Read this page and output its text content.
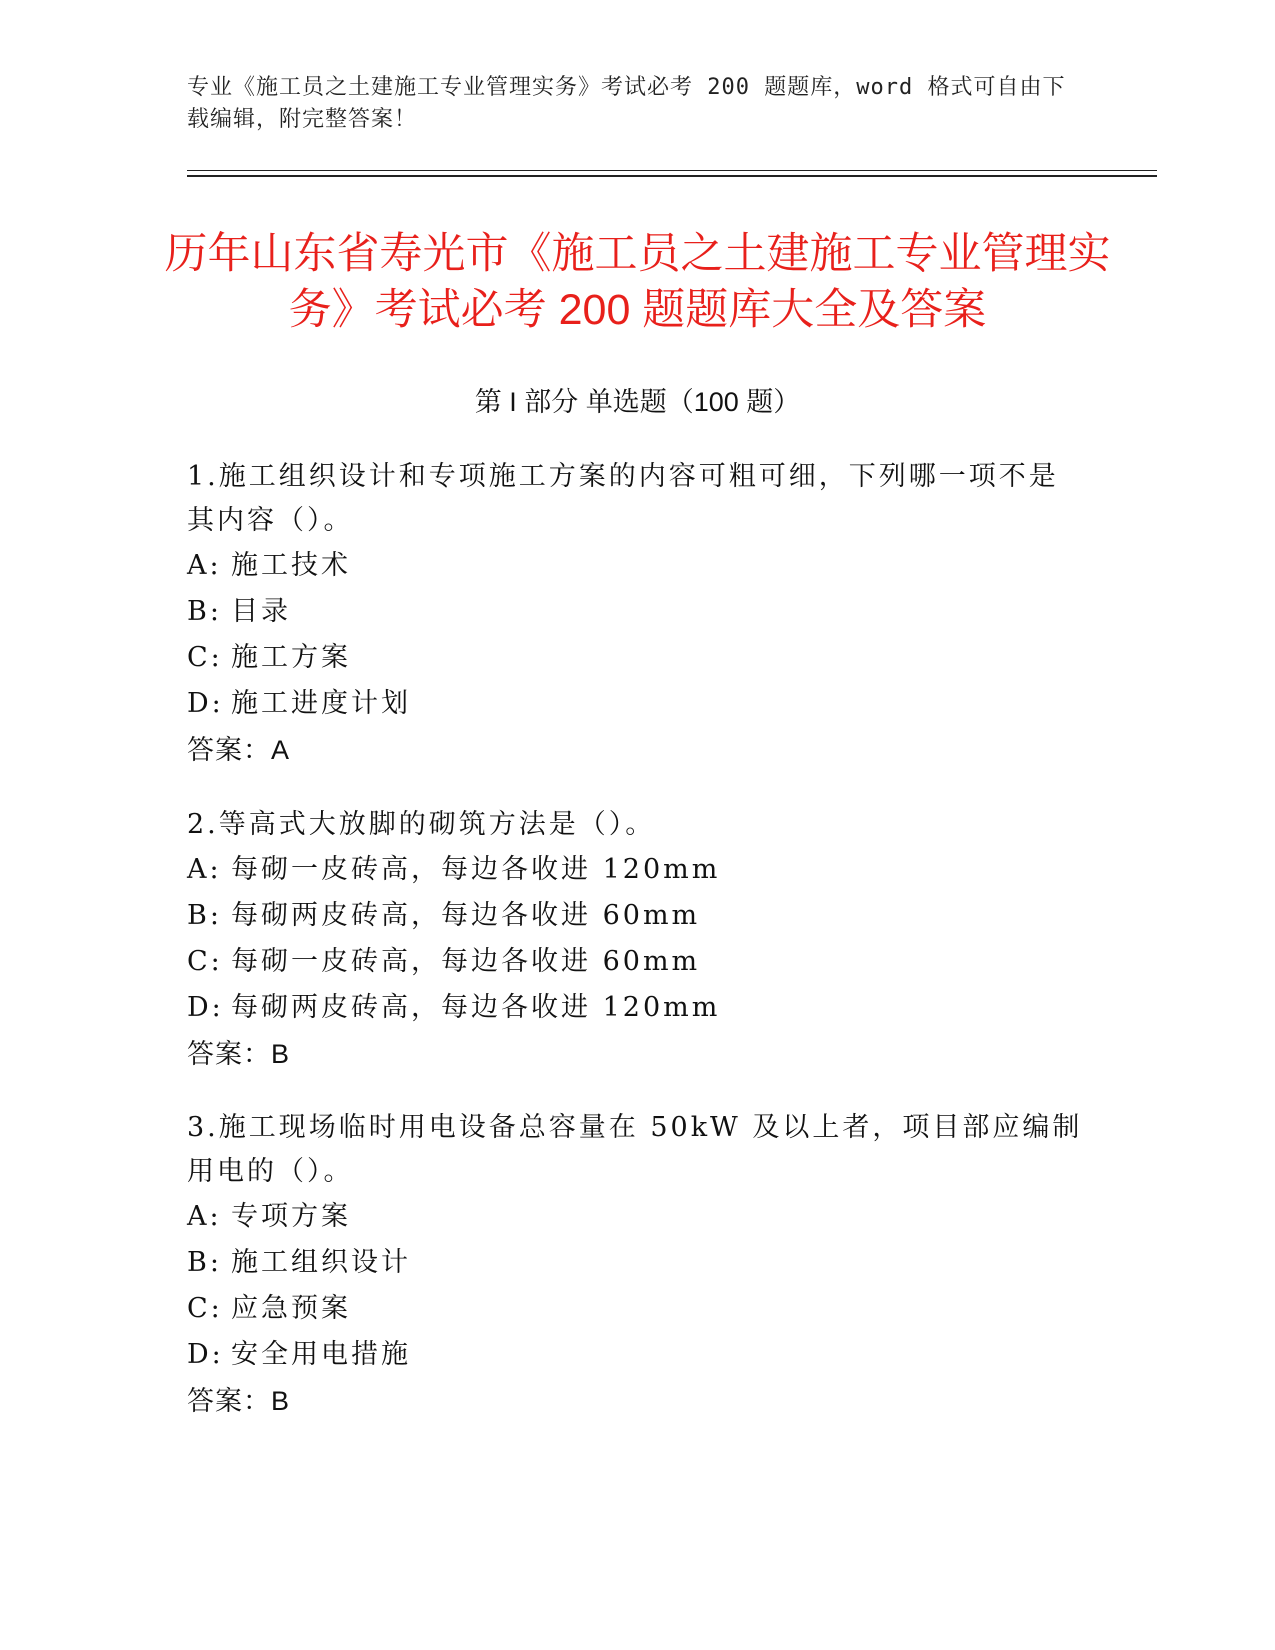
专业《施工员之土建施工专业管理实务》考试必考 200 题题库，word 格式可自由下载编辑，附完整答案！
历年山东省寿光市《施工员之土建施工专业管理实务》考试必考 200 题题库大全及答案
第 I 部分 单选题（100 题）

1.施工组织设计和专项施工方案的内容可粗可细，下列哪一项不是其内容（）。

A: 施工技术

B: 目录

C: 施工方案

D: 施工进度计划

答案：A

2.等高式大放脚的砌筑方法是（）。

A: 每砌一皮砖高，每边各收进 120mm

B: 每砌两皮砖高，每边各收进 60mm

C: 每砌一皮砖高，每边各收进 60mm

D: 每砌两皮砖高，每边各收进 120mm

答案：B

3.施工现场临时用电设备总容量在 50kW 及以上者，项目部应编制用电的（）。

A: 专项方案

B: 施工组织设计

C: 应急预案

D: 安全用电措施

答案：B
